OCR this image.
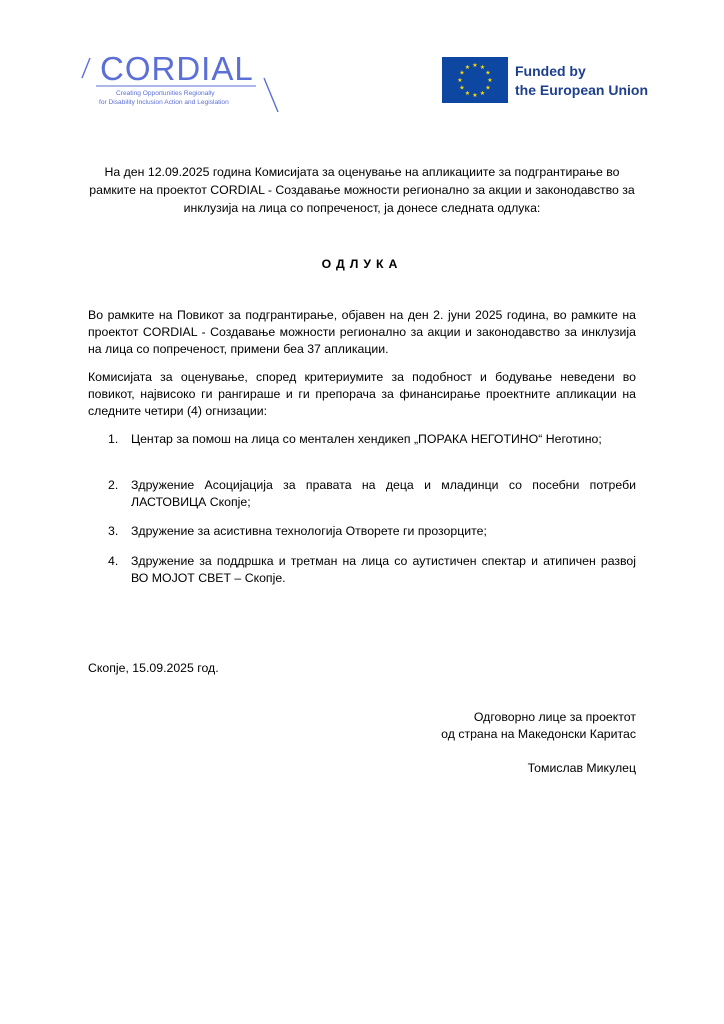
CORDIAL
Creating Opportunities Regionally
for Disability Inclusion Action and Legislation
★ ★
★
★
★
★
★
★
★
★
★
★	Funded by
the European Union
На ден 12.09.2025 година Комисијата за оценување на апликациите за подгрантирање во рамките на проектот CORDIAL - Создавање можности регионално за акции и законодавство за инклузија на лица со попреченост, ја донесе следната одлука:
ОДЛУКА
Во рамките на Повикот за подгрантирање, објавен на ден 2. јуни 2025 година, во рамките на проектот CORDIAL - Создавање можности регионално за акции и законодавство за инклузија на лица со попреченост, примени беа 37 апликации.
Комисијата за оценување, според критериумите за подобност и бодување неведени во повикот, највисоко ги рангираше и ги препорача за финансирање проектните апликации на следните четири (4) огнизации:
1.	Центар за помош на лица со ментален хендикеп „ПОРАКА НЕГОТИНО“ Неготино;
2.	Здружение Асоцијација за правата на деца и младинци со посебни потреби ЛАСТОВИЦА Скопје;
3.	Здружение за асистивна технологија Отворете ги прозорците;
4.	Здружение за поддршка и третман на лица со аутистичен спектар и атипичен развој ВО МОЈОТ СВЕТ – Скопје.
Скопје, 15.09.2025 год.
Одговорно лице за проектот
од страна на Македонски Каритас
Томислав Микулец
